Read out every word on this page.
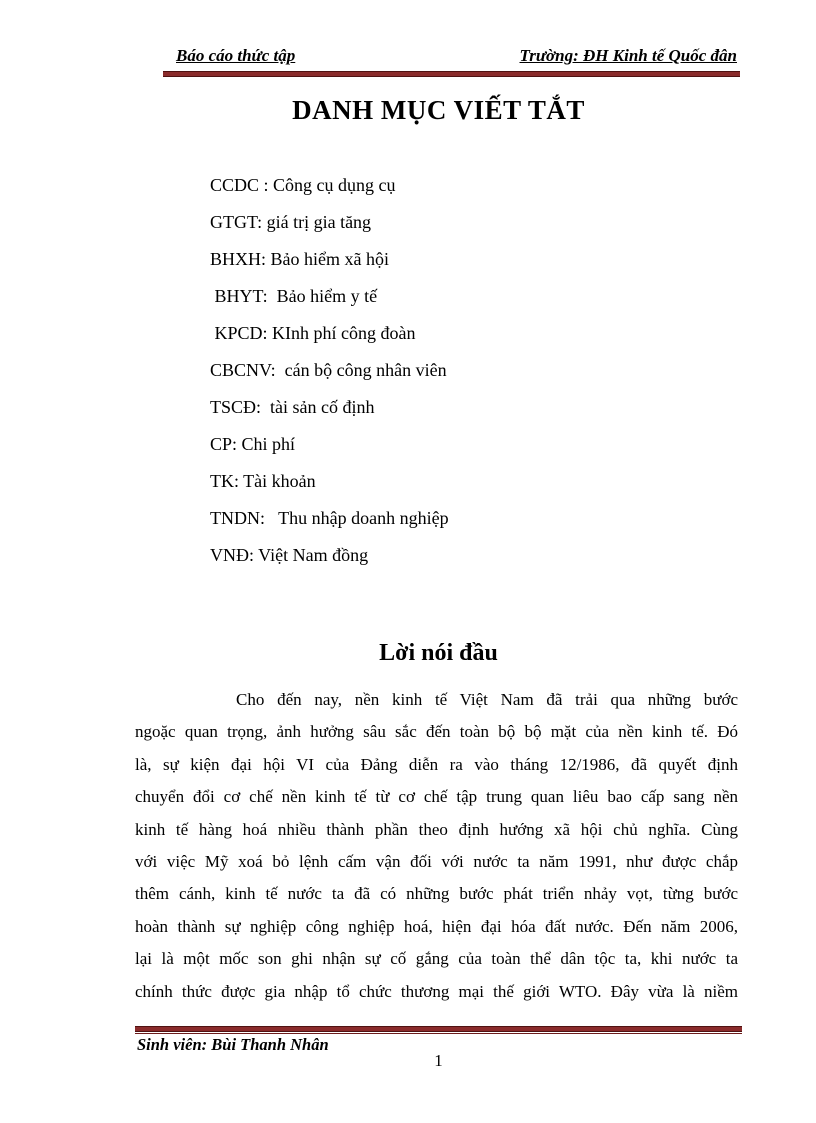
Báo cáo thức tập	Trường: ĐH Kinh tế Quốc đân
DANH MỤC VIẾT TẮT
CCDC : Công cụ dụng cụ
GTGT: giá trị gia tăng
BHXH: Bảo hiểm xã hội
BHYT:  Bảo hiểm y tế
KPCD: KInh phí công đoàn
CBCNV:  cán bộ công nhân viên
TSCĐ:  tài sản cố định
CP: Chi phí
TK: Tài khoản
TNDN:   Thu nhập doanh nghiệp
VNĐ: Việt Nam đồng
Lời nói đầu
Cho đến nay, nền kinh tế Việt Nam đã trải qua những bước
ngoặc quan trọng, ảnh hưởng sâu sắc đến toàn bộ bộ mặt của nền kinh tế. Đó
là, sự kiện đại hội VI của Đảng diễn ra vào tháng 12/1986, đã quyết định
chuyển đổi cơ chế nền kinh tế từ cơ chế tập trung quan liêu bao cấp sang nền
kinh tế hàng hoá nhiều thành phần theo định hướng xã hội chủ nghĩa. Cùng
với việc Mỹ xoá bỏ lệnh cấm vận đối với nước ta năm 1991, như được chắp
thêm cánh, kinh tế nước ta đã có những bước phát triển nhảy vọt, từng bước
hoàn thành sự nghiệp công nghiệp hoá, hiện đại hóa đất nước. Đến năm 2006,
lại là một mốc son ghi nhận sự cố gắng của toàn thể dân tộc ta, khi nước ta
chính thức được gia nhập tổ chức thương mại thế giới WTO. Đây vừa là niềm
Sinh viên: Bùi Thanh Nhân
1
